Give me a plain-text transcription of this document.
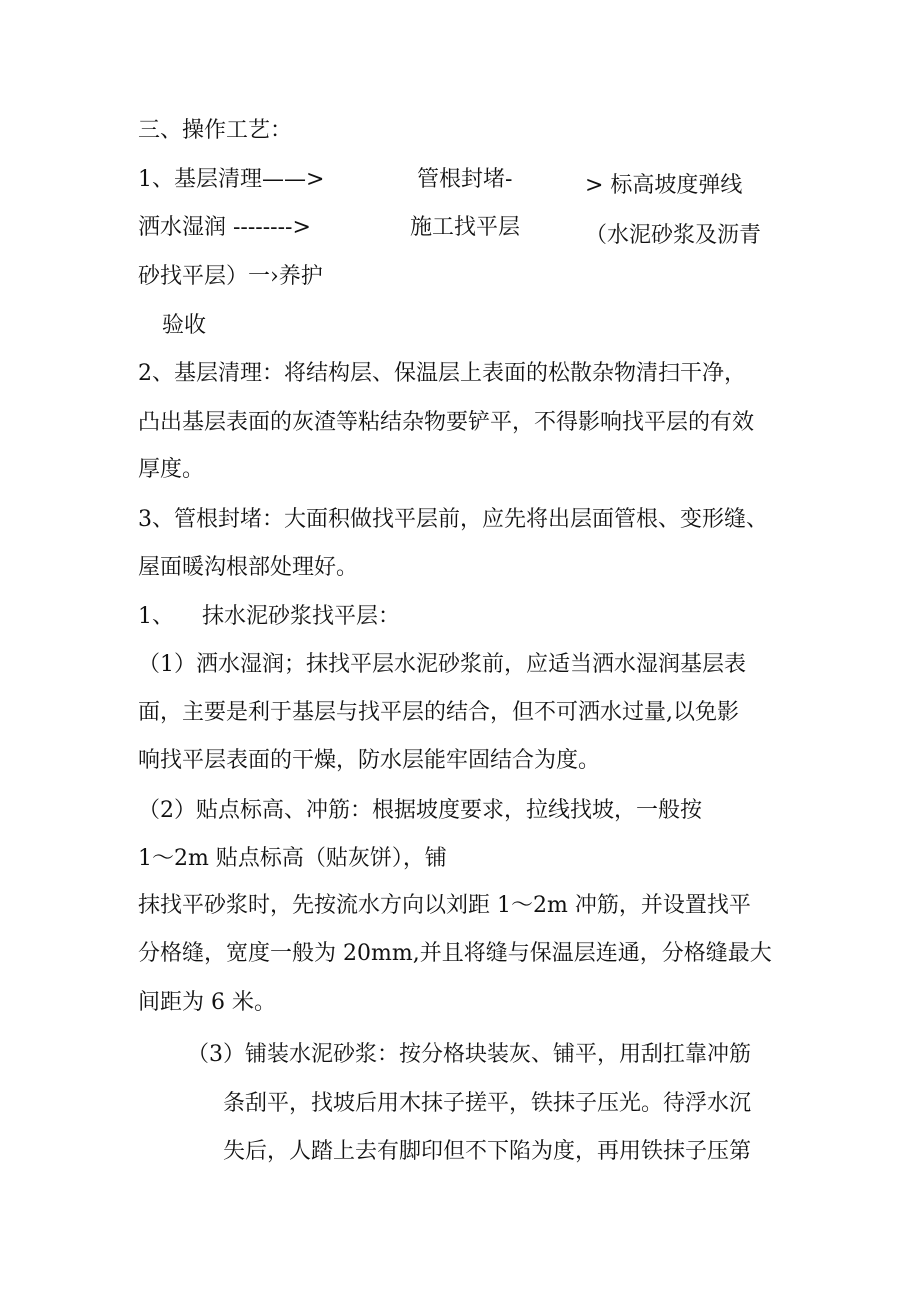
三、操作工艺：

1、基层清理——>	管根封堵-	> 标高坡度弹线

洒水湿润 -------->	施工找平层	（水泥砂浆及沥青

砂找平层）一›养护

验收

2、基层清理：将结构层、保温层上表面的松散杂物清扫干净，

凸出基层表面的灰渣等粘结杂物要铲平，不得影响找平层的有效

厚度。

3、管根封堵：大面积做找平层前，应先将出层面管根、变形缝、

屋面暖沟根部处理好。

1、    抹水泥砂浆找平层：

（1）洒水湿润；抹找平层水泥砂浆前，应适当洒水湿润基层表

面，主要是利于基层与找平层的结合，但不可洒水过量,以免影

响找平层表面的干燥，防水层能牢固结合为度。

（2）贴点标高、冲筋：根据坡度要求，拉线找坡，一般按

1～2m 贴点标高（贴灰饼），铺

抹找平砂浆时，先按流水方向以刘距 1～2m 冲筋，并设置找平

分格缝，宽度一般为 20mm,并且将缝与保温层连通，分格缝最大

间距为 6 米。

（3）铺装水泥砂浆：按分格块装灰、铺平，用刮扛靠冲筋

条刮平，找坡后用木抹子搓平，铁抹子压光。待浮水沉

失后，人踏上去有脚印但不下陷为度，再用铁抹子压第
